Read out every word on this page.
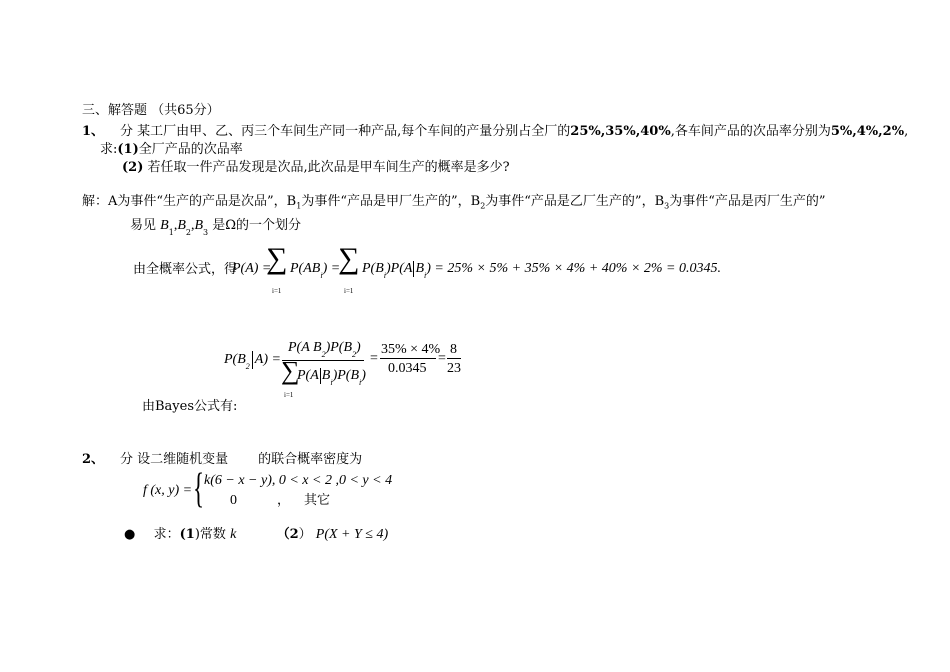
三、解答题 （共65分）
1、 分 某工厂由甲、乙、丙三个车间生产同一种产品,每个车间的产量分别占全厂的25%,35%,40%,各车间产品的次品率分别为5%,4%,2%,
求:(1)全厂产品的次品率
(2) 若任取一件产品发现是次品,此次品是甲车间生产的概率是多少?
解：A为事件“生产的产品是次品”，$B_1$为事件“产品是甲厂生产的”，$B_2$为事件“产品是乙厂生产的”，$B_3$为事件“产品是丙厂生产的”
易见 $B_1,B_2,B_3$ 是Ω的一个划分
由全概率公式，得
P(A) =
∑
i=1
$P(AB_i)$ =
∑
i=1
$P(B_i)P(A$ $B_i) = 25\% \times 5\% + 35\% \times 4\% + 40\% \times 2\% = 0.0345$.
$P(B_2$ A) =
P(A $B_2)P(B_2)$
∑
i=1
P(A $B_i)P(B_i)$
=
35% × 4%
0.0345
=
8
23
由Bayes公式有:
2、 分 设二维随机变量 的联合概率密度为
f (x, y) = { k(6 − x − y), 0 < x < 2 ,0 < y < 4
0	， 其它
● 求：(1)常数 k	（2） P(X + Y ≤ 4)
